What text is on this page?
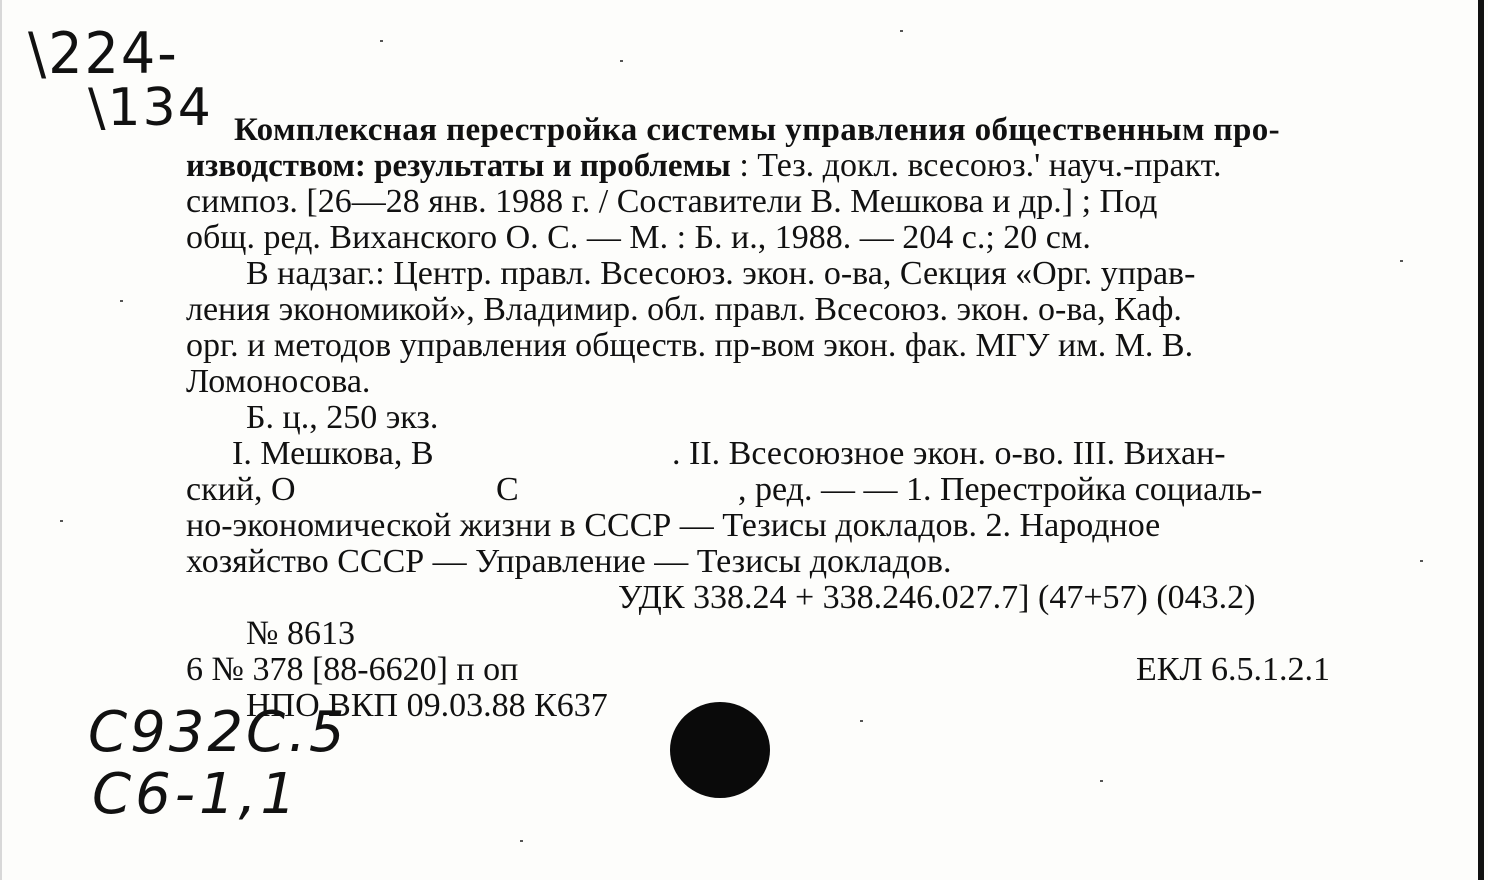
\224-
\134 Комплексная перестройка системы управления общественным про-
изводством: результаты и проблемы : Тез. докл. всесоюз.' науч.-практ.
симпоз. [26—28 янв. 1988 г. / Составители В. Мешкова и др.] ; Под
общ. ред. Виханского О. С. — М. : Б. и., 1988. — 204 с.; 20 см.
В надзаг.: Центр. правл. Всесоюз. экон. о-ва, Секция «Орг. управ-
ления экономикой», Владимир. обл. правл. Всесоюз. экон. о-ва, Каф.
орг. и методов управления обществ. пр-вом экон. фак. МГУ им. М. В.
Ломоносова.
Б. ц., 250 экз.
I. Мешкова, В	. II. Всесоюзное экон. о-во. III. Вихан-
ский, О	С	, ред. — — 1. Перестройка социаль-
но-экономической жизни в СССР — Тезисы докладов. 2. Народное
хозяйство СССР — Управление — Тезисы докладов.
УДК 338.24 + 338.246.027.7] (47+57) (043.2)
№ 8613
6 № 378 [88-6620] п оп	ЕКЛ 6.5.1.2.1
НПО ВКП 09.03.88 К637
С932С.5
С6-1,1
